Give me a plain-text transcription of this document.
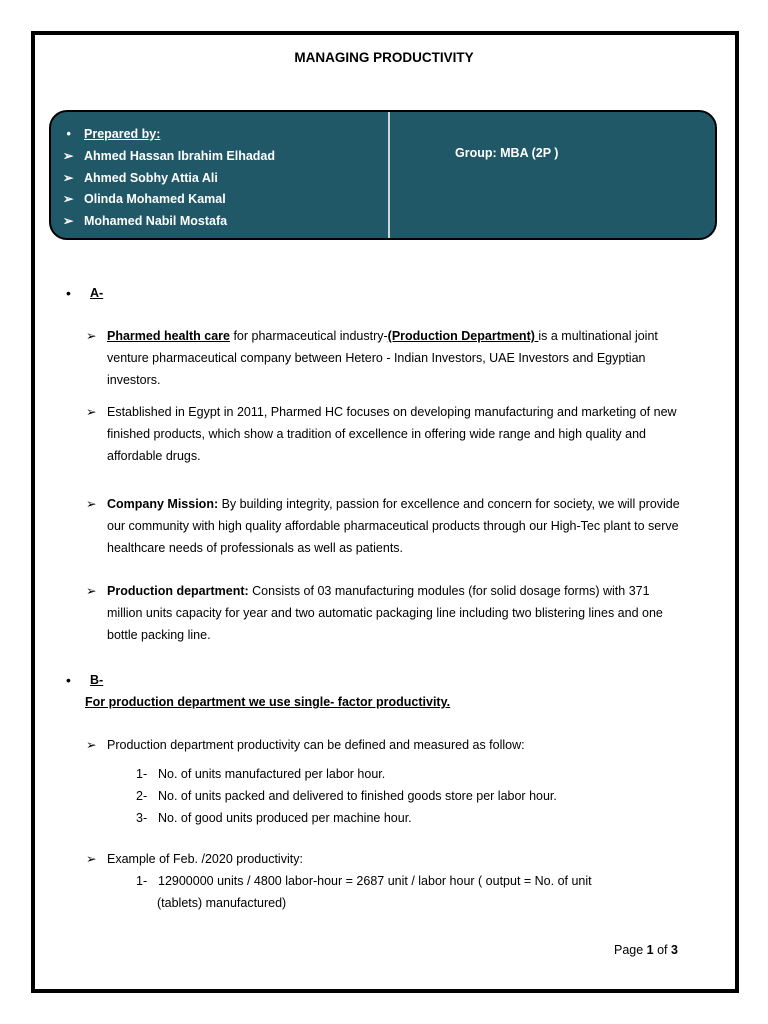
MANAGING PRODUCTIVITY
• Prepared by:
➢ Ahmed Hassan Ibrahim Elhadad
➢ Ahmed Sobhy Attia Ali
➢ Olinda Mohamed Kamal
➢ Mohamed Nabil Mostafa
Group: MBA (2P )
• A-
➢ Pharmed health care for pharmaceutical industry-(Production Department) is a multinational joint venture pharmaceutical company between Hetero - Indian Investors, UAE Investors and Egyptian investors.
➢ Established in Egypt in 2011, Pharmed HC focuses on developing manufacturing and marketing of new finished products, which show a tradition of excellence in offering wide range and high quality and affordable drugs.
➢ Company Mission: By building integrity, passion for excellence and concern for society, we will provide our community with high quality affordable pharmaceutical products through our High-Tec plant to serve healthcare needs of professionals as well as patients.
➢ Production department: Consists of 03 manufacturing modules (for solid dosage forms) with 371 million units capacity for year and two automatic packaging line including two blistering lines and one bottle packing line.
• B-
For production department we use single- factor productivity.
➢ Production department productivity can be defined and measured as follow:
1- No. of units manufactured per labor hour.
2- No. of units packed and delivered to finished goods store per labor hour.
3- No. of good units produced per machine hour.
➢ Example of Feb. /2020 productivity:
1- 12900000 units / 4800 labor-hour = 2687 unit / labor hour ( output = No. of unit
(tablets) manufactured)
Page 1 of 3
